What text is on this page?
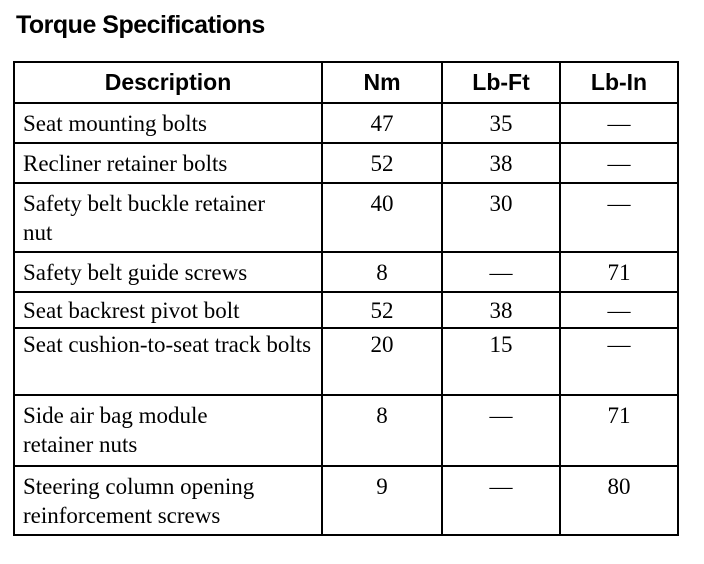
Torque Specifications
Description	Nm	Lb-Ft	Lb-In
Seat mounting bolts	47	35	—
Recliner retainer bolts	52	38	—
Safety belt buckle retainer nut	40	30	—
Safety belt guide screws	8	—	71
Seat backrest pivot bolt	52	38	—
Seat cushion-to-seat track bolts	20	15	—
Side air bag module retainer nuts	8	—	71
Steering column opening reinforcement screws	9	—	80
